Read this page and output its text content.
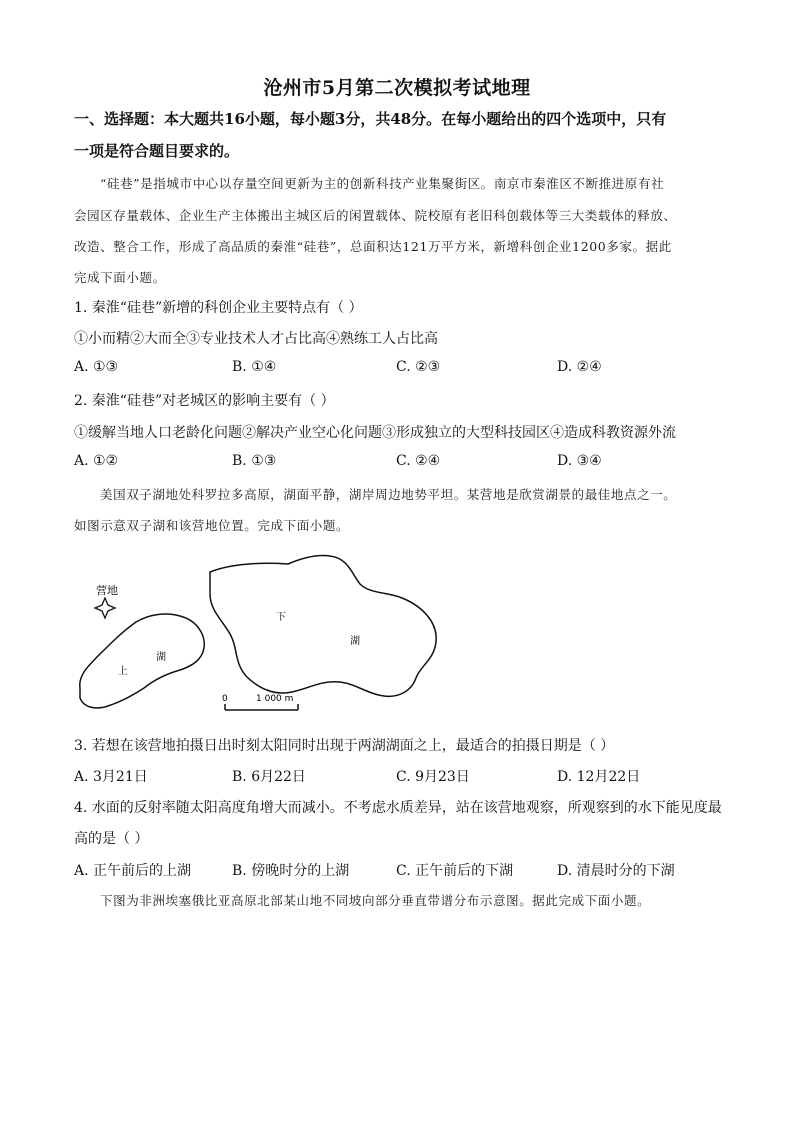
沧州市5月第二次模拟考试地理
一、选择题：本大题共16小题，每小题3分，共48分。在每小题给出的四个选项中，只有
一项是符合题目要求的。
“硅巷”是指城市中心以存量空间更新为主的创新科技产业集聚街区。南京市秦淮区不断推进原有社
会园区存量载体、企业生产主体搬出主城区后的闲置载体、院校原有老旧科创载体等三大类载体的释放、
改造、整合工作，形成了高品质的秦淮“硅巷”，总面积达121万平方米，新增科创企业1200多家。据此
完成下面小题。
1. 秦淮“硅巷”新增的科创企业主要特点有（ ）
①小而精②大而全③专业技术人才占比高④熟练工人占比高
A. ①③	B. ①④	C. ②③	D. ②④
2. 秦淮“硅巷”对老城区的影响主要有（ ）
①缓解当地人口老龄化问题②解决产业空心化问题③形成独立的大型科技园区④造成科教资源外流
A. ①②	B. ①③	C. ②④	D. ③④
美国双子湖地处科罗拉多高原，湖面平静，湖岸周边地势平坦。某营地是欣赏湖景的最佳地点之一。
如图示意双子湖和该营地位置。完成下面小题。
营地
上
湖
下
湖
0	1 000 m
3. 若想在该营地拍摄日出时刻太阳同时出现于两湖湖面之上，最适合的拍摄日期是（ ）
A. 3月21日	B. 6月22日	C. 9月23日	D. 12月22日
4. 水面的反射率随太阳高度角增大而减小。不考虑水质差异，站在该营地观察，所观察到的水下能见度最
高的是（ ）
A. 正午前后的上湖	B. 傍晚时分的上湖	C. 正午前后的下湖	D. 清晨时分的下湖
下图为非洲埃塞俄比亚高原北部某山地不同坡向部分垂直带谱分布示意图。据此完成下面小题。
